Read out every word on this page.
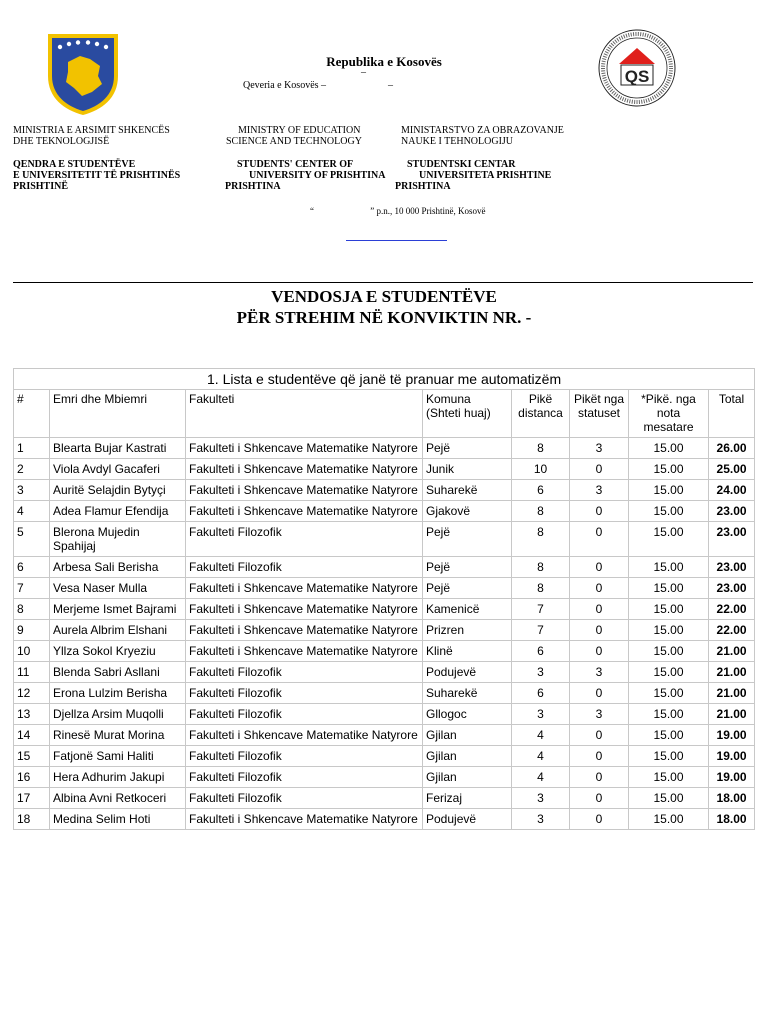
Republika e Kosovës
–
Qeveria e Kosovës –	–	QS
MINISTRIA E ARSIMIT SHKENCËS
DHE TEKNOLOGJISË
MINISTRY OF EDUCATION
SCIENCE AND TECHNOLOGY
MINISTARSTVO ZA OBRAZOVANJE
NAUKE I TEHNOLOGIJU
QENDRA E STUDENTËVE
E UNIVERSITETIT TË PRISHTINËS
PRISHTINË
STUDENTS' CENTER OF
UNIVERSITY OF PRISHTINA
PRISHTINA
STUDENTSKI CENTAR
UNIVERSITETA PRISHTINE
PRISHTINA
“                         ” p.n., 10 000 Prishtinë, Kosovë
VENDOSJA E STUDENTËVE
PËR STREHIM NË KONVIKTIN NR. -
1. Lista e studentëve që janë të pranuar me automatizëm							
#	Emri dhe Mbiemri	Fakulteti	Komuna (Shteti huaj)	Pikë distanca	Pikët nga statuset	*Pikë. nga nota mesatare	Total
1	Blearta Bujar Kastrati	Fakulteti i Shkencave Matematike Natyrore	Pejë	8	3	15.00	26.00
2	Viola Avdyl Gacaferi	Fakulteti i Shkencave Matematike Natyrore	Junik	10	0	15.00	25.00
3	Auritë Selajdin Bytyçi	Fakulteti i Shkencave Matematike Natyrore	Suharekë	6	3	15.00	24.00
4	Adea Flamur Efendija	Fakulteti i Shkencave Matematike Natyrore	Gjakovë	8	0	15.00	23.00
5	Blerona Mujedin Spahijaj	Fakulteti Filozofik	Pejë	8	0	15.00	23.00
6	Arbesa Sali Berisha	Fakulteti Filozofik	Pejë	8	0	15.00	23.00
7	Vesa Naser Mulla	Fakulteti i Shkencave Matematike Natyrore	Pejë	8	0	15.00	23.00
8	Merjeme Ismet Bajrami	Fakulteti i Shkencave Matematike Natyrore	Kamenicë	7	0	15.00	22.00
9	Aurela Albrim Elshani	Fakulteti i Shkencave Matematike Natyrore	Prizren	7	0	15.00	22.00
10	Yllza Sokol Kryeziu	Fakulteti i Shkencave Matematike Natyrore	Klinë	6	0	15.00	21.00
11	Blenda Sabri Asllani	Fakulteti Filozofik	Podujevë	3	3	15.00	21.00
12	Erona Lulzim Berisha	Fakulteti Filozofik	Suharekë	6	0	15.00	21.00
13	Djellza Arsim Muqolli	Fakulteti Filozofik	Gllogoc	3	3	15.00	21.00
14	Rinesë Murat Morina	Fakulteti i Shkencave Matematike Natyrore	Gjilan	4	0	15.00	19.00
15	Fatjonë Sami Haliti	Fakulteti Filozofik	Gjilan	4	0	15.00	19.00
16	Hera Adhurim Jakupi	Fakulteti Filozofik	Gjilan	4	0	15.00	19.00
17	Albina Avni Retkoceri	Fakulteti Filozofik	Ferizaj	3	0	15.00	18.00
18	Medina Selim Hoti	Fakulteti i Shkencave Matematike Natyrore	Podujevë	3	0	15.00	18.00
